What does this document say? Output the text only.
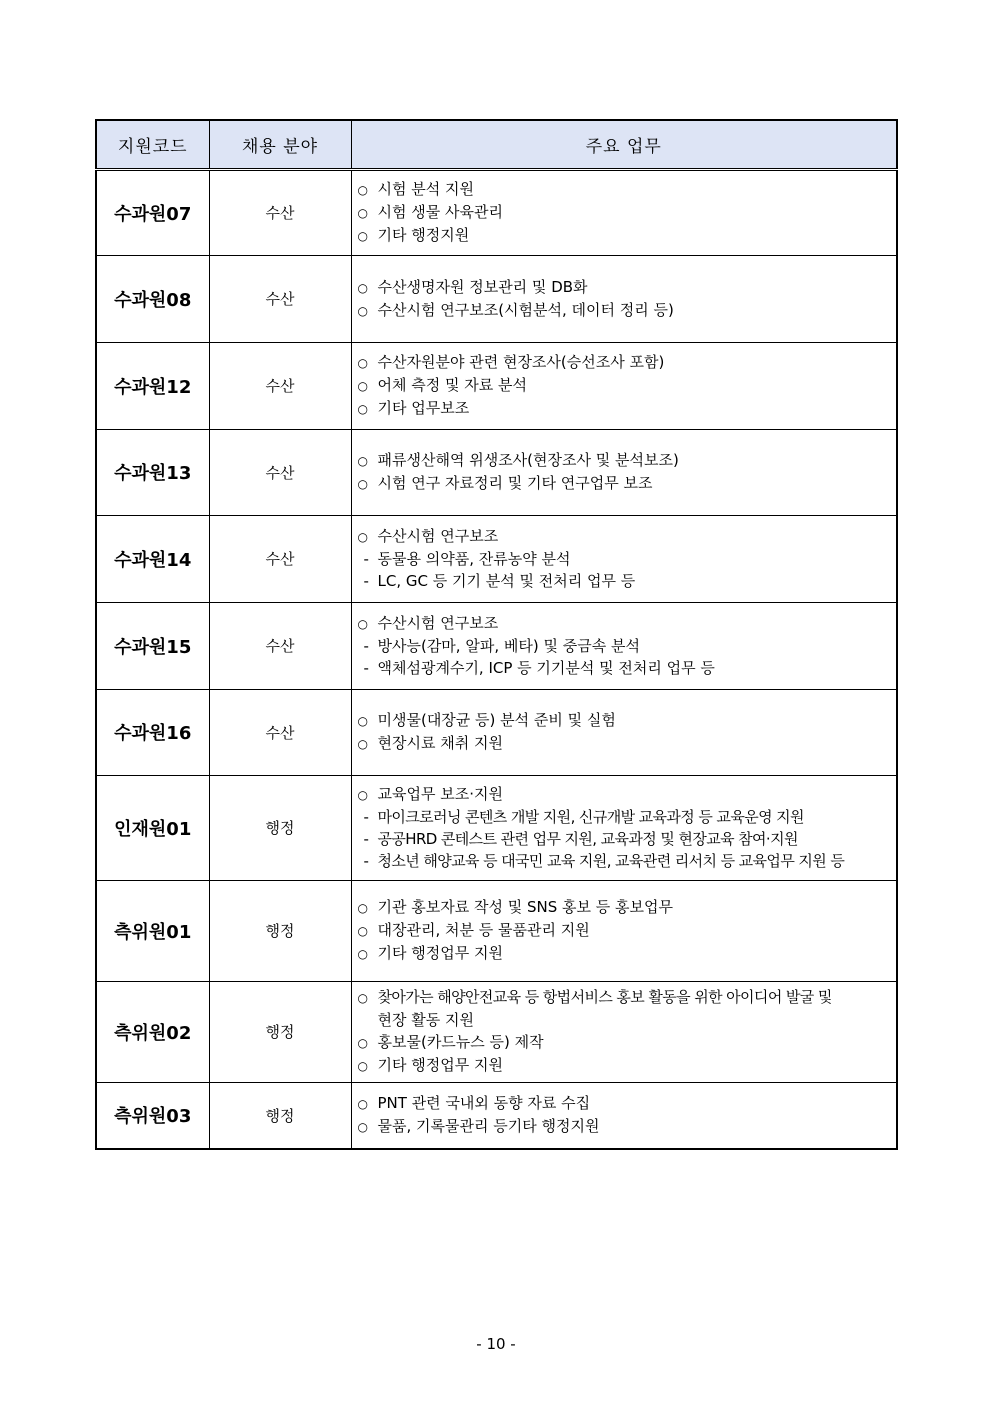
지원코드	채용 분야	주요 업무
수과원07	수산	○ 시험 분석 지원
○ 시험 생물 사육관리
○ 기타 행정지원

수과원08	수산	○ 수산생명자원 정보관리 및 DB화
○ 수산시험 연구보조(시험분석, 데이터 정리 등)

수과원12	수산	○ 수산자원분야 관련 현장조사(승선조사 포함)
○ 어체 측정 및 자료 분석
○ 기타 업무보조

수과원13	수산	○ 패류생산해역 위생조사(현장조사 및 분석보조)
○ 시험 연구 자료정리 및 기타 연구업무 보조

수과원14	수산	○ 수산시험 연구보조
- 동물용 의약품, 잔류농약 분석
- LC, GC 등 기기 분석 및 전처리 업무 등

수과원15	수산	○ 수산시험 연구보조
- 방사능(감마, 알파, 베타) 및 중금속 분석
- 액체섬광계수기, ICP 등 기기분석 및 전처리 업무 등

수과원16	수산	○ 미생물(대장균 등) 분석 준비 및 실험
○ 현장시료 채취 지원

인재원01	행정	○ 교육업무 보조·지원
- 마이크로러닝 콘텐츠 개발 지원, 신규개발 교육과정 등 교육운영 지원
- 공공HRD 콘테스트 관련 업무 지원, 교육과정 및 현장교육 참여·지원
- 청소년 해양교육 등 대국민 교육 지원, 교육관련 리서치 등 교육업무 지원 등

측위원01	행정	○ 기관 홍보자료 작성 및 SNS 홍보 등 홍보업무
○ 대장관리, 처분 등 물품관리 지원
○ 기타 행정업무 지원

측위원02	행정	○ 찾아가는 해양안전교육 등 항법서비스 홍보 활동을 위한 아이디어 발굴 및
현장 활동 지원
○ 홍보물(카드뉴스 등) 제작
○ 기타 행정업무 지원

측위원03	행정	○ PNT 관련 국내외 동향 자료 수집
○ 물품, 기록물관리 등기타 행정지원
- 10 -
